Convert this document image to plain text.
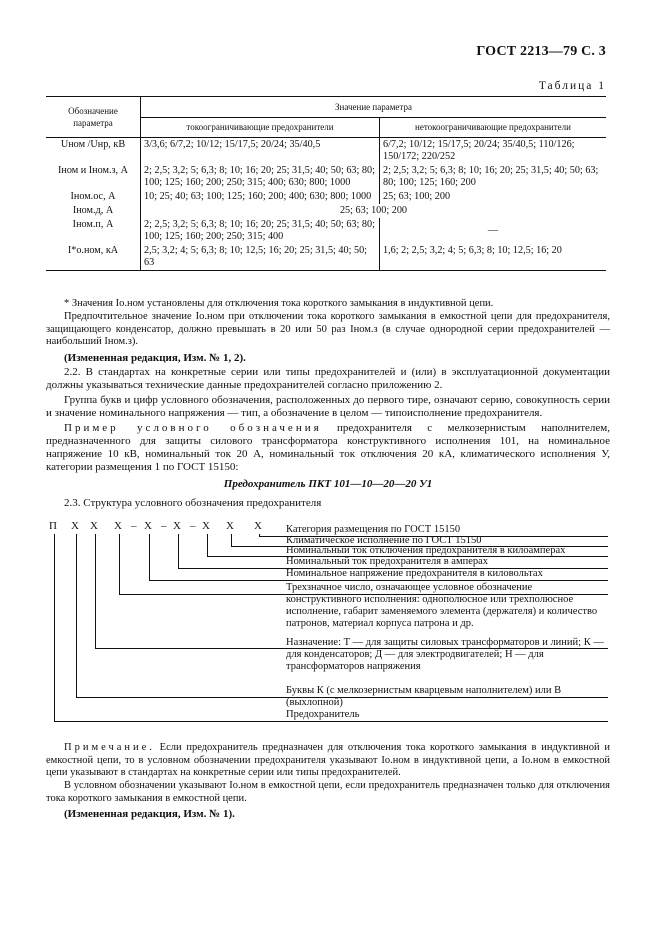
ГОСТ 2213—79 С. 3
Таблица 1
Обозначение параметра	Значение параметра	
	токоограничивающие предохранители	нетокоограничивающие предохранители
Uном /Uнр, кВ	3/3,6; 6/7,2; 10/12; 15/17,5; 20/24; 35/40,5	6/7,2; 10/12; 15/17,5; 20/24; 35/40,5; 110/126; 150/172; 220/252
Iном и Iном.з, А	2; 2,5; 3,2; 5; 6,3; 8; 10; 16; 20; 25; 31,5; 40; 50; 63; 80; 100; 125; 160; 200; 250; 315; 400; 630; 800; 1000	2; 2,5; 3,2; 5; 6,3; 8; 10; 16; 20; 25; 31,5; 40; 50; 63; 80; 100; 125; 160; 200
Iном.ос, А	10; 25; 40; 63; 100; 125; 160; 200; 400; 630; 800; 1000	25; 63; 100; 200
Iном.д, А	25; 63; 100; 200	
Iном.п, А	2; 2,5; 3,2; 5; 6,3; 8; 10; 16; 20; 25; 31,5; 40; 50; 63; 80; 100; 125; 160; 200; 250; 315; 400	—
I*о.ном, кА	2,5; 3,2; 4; 5; 6,3; 8; 10; 12,5; 16; 20; 25; 31,5; 40; 50; 63	1,6; 2; 2,5; 3,2; 4; 5; 6,3; 8; 10; 12,5; 16; 20
* Значения Iо.ном установлены для отключения тока короткого замыкания в индуктивной цепи.
Предпочтительное значение Iо.ном при отключении тока короткого замыкания в емкостной цепи для предохранителя, защищающего конденсатор, должно превышать в 20 или 50 раз Iном.з (в случае однородной серии предохранителей — наибольший Iном.з).
(Измененная редакция, Изм. № 1, 2).
2.2. В стандартах на конкретные серии или типы предохранителей и (или) в эксплуатационной документации должны указываться технические данные предохранителей согласно приложению 2.
Группа букв и цифр условного обозначения, расположенных до первого тире, означают серию, совокупность серии и значение номинального напряжения — тип, а обозначение в целом — типоисполнение предохранителя.
Пример условного обозначения предохранителя с мелкозернистым наполнителем, предназначенного для защиты силового трансформатора конструктивного исполнения 101, на номинальное напряжение 10 кВ, номинальный ток 20 А, номинальный ток отключения 20 кА, климатического исполнения У, категории размещения 1 по ГОСТ 15150:
Предохранитель ПКТ 101—10—20—20 У1
2.3. Структура условного обозначения предохранителя
П Х Х Х – Х – Х – Х Х Х Категория размещения по ГОСТ 15150
Климатическое исполнение по ГОСТ 15150
Номинальный ток отключения предохранителя в килоамперах
Номинальный ток предохранителя в амперах
Номинальное напряжение предохранителя в киловольтах
Трехзначное число, означающее условное обозначение конструктивного исполнения: однополюсное или трехполюсное исполнение, габарит заменяемого элемента (держателя) и количество патронов, материал корпуса патрона и др.
Назначение: Т — для защиты силовых трансформаторов и линий; К — для конденсаторов; Д — для электродвигателей; Н — для трансформаторов напряжения
Буквы К (с мелкозернистым кварцевым наполнителем) или В (выхлопной)
Предохранитель
Примечание. Если предохранитель предназначен для отключения тока короткого замыкания в индуктивной и емкостной цепи, то в условном обозначении предохранителя указывают Iо.ном в индуктивной цепи, а Iо.ном в емкостной цепи указывают в стандартах на конкретные серии или типы предохранителей.
В условном обозначении указывают Iо.ном в емкостной цепи, если предохранитель предназначен только для отключения тока короткого замыкания в емкостной цепи.
(Измененная редакция, Изм. № 1).
